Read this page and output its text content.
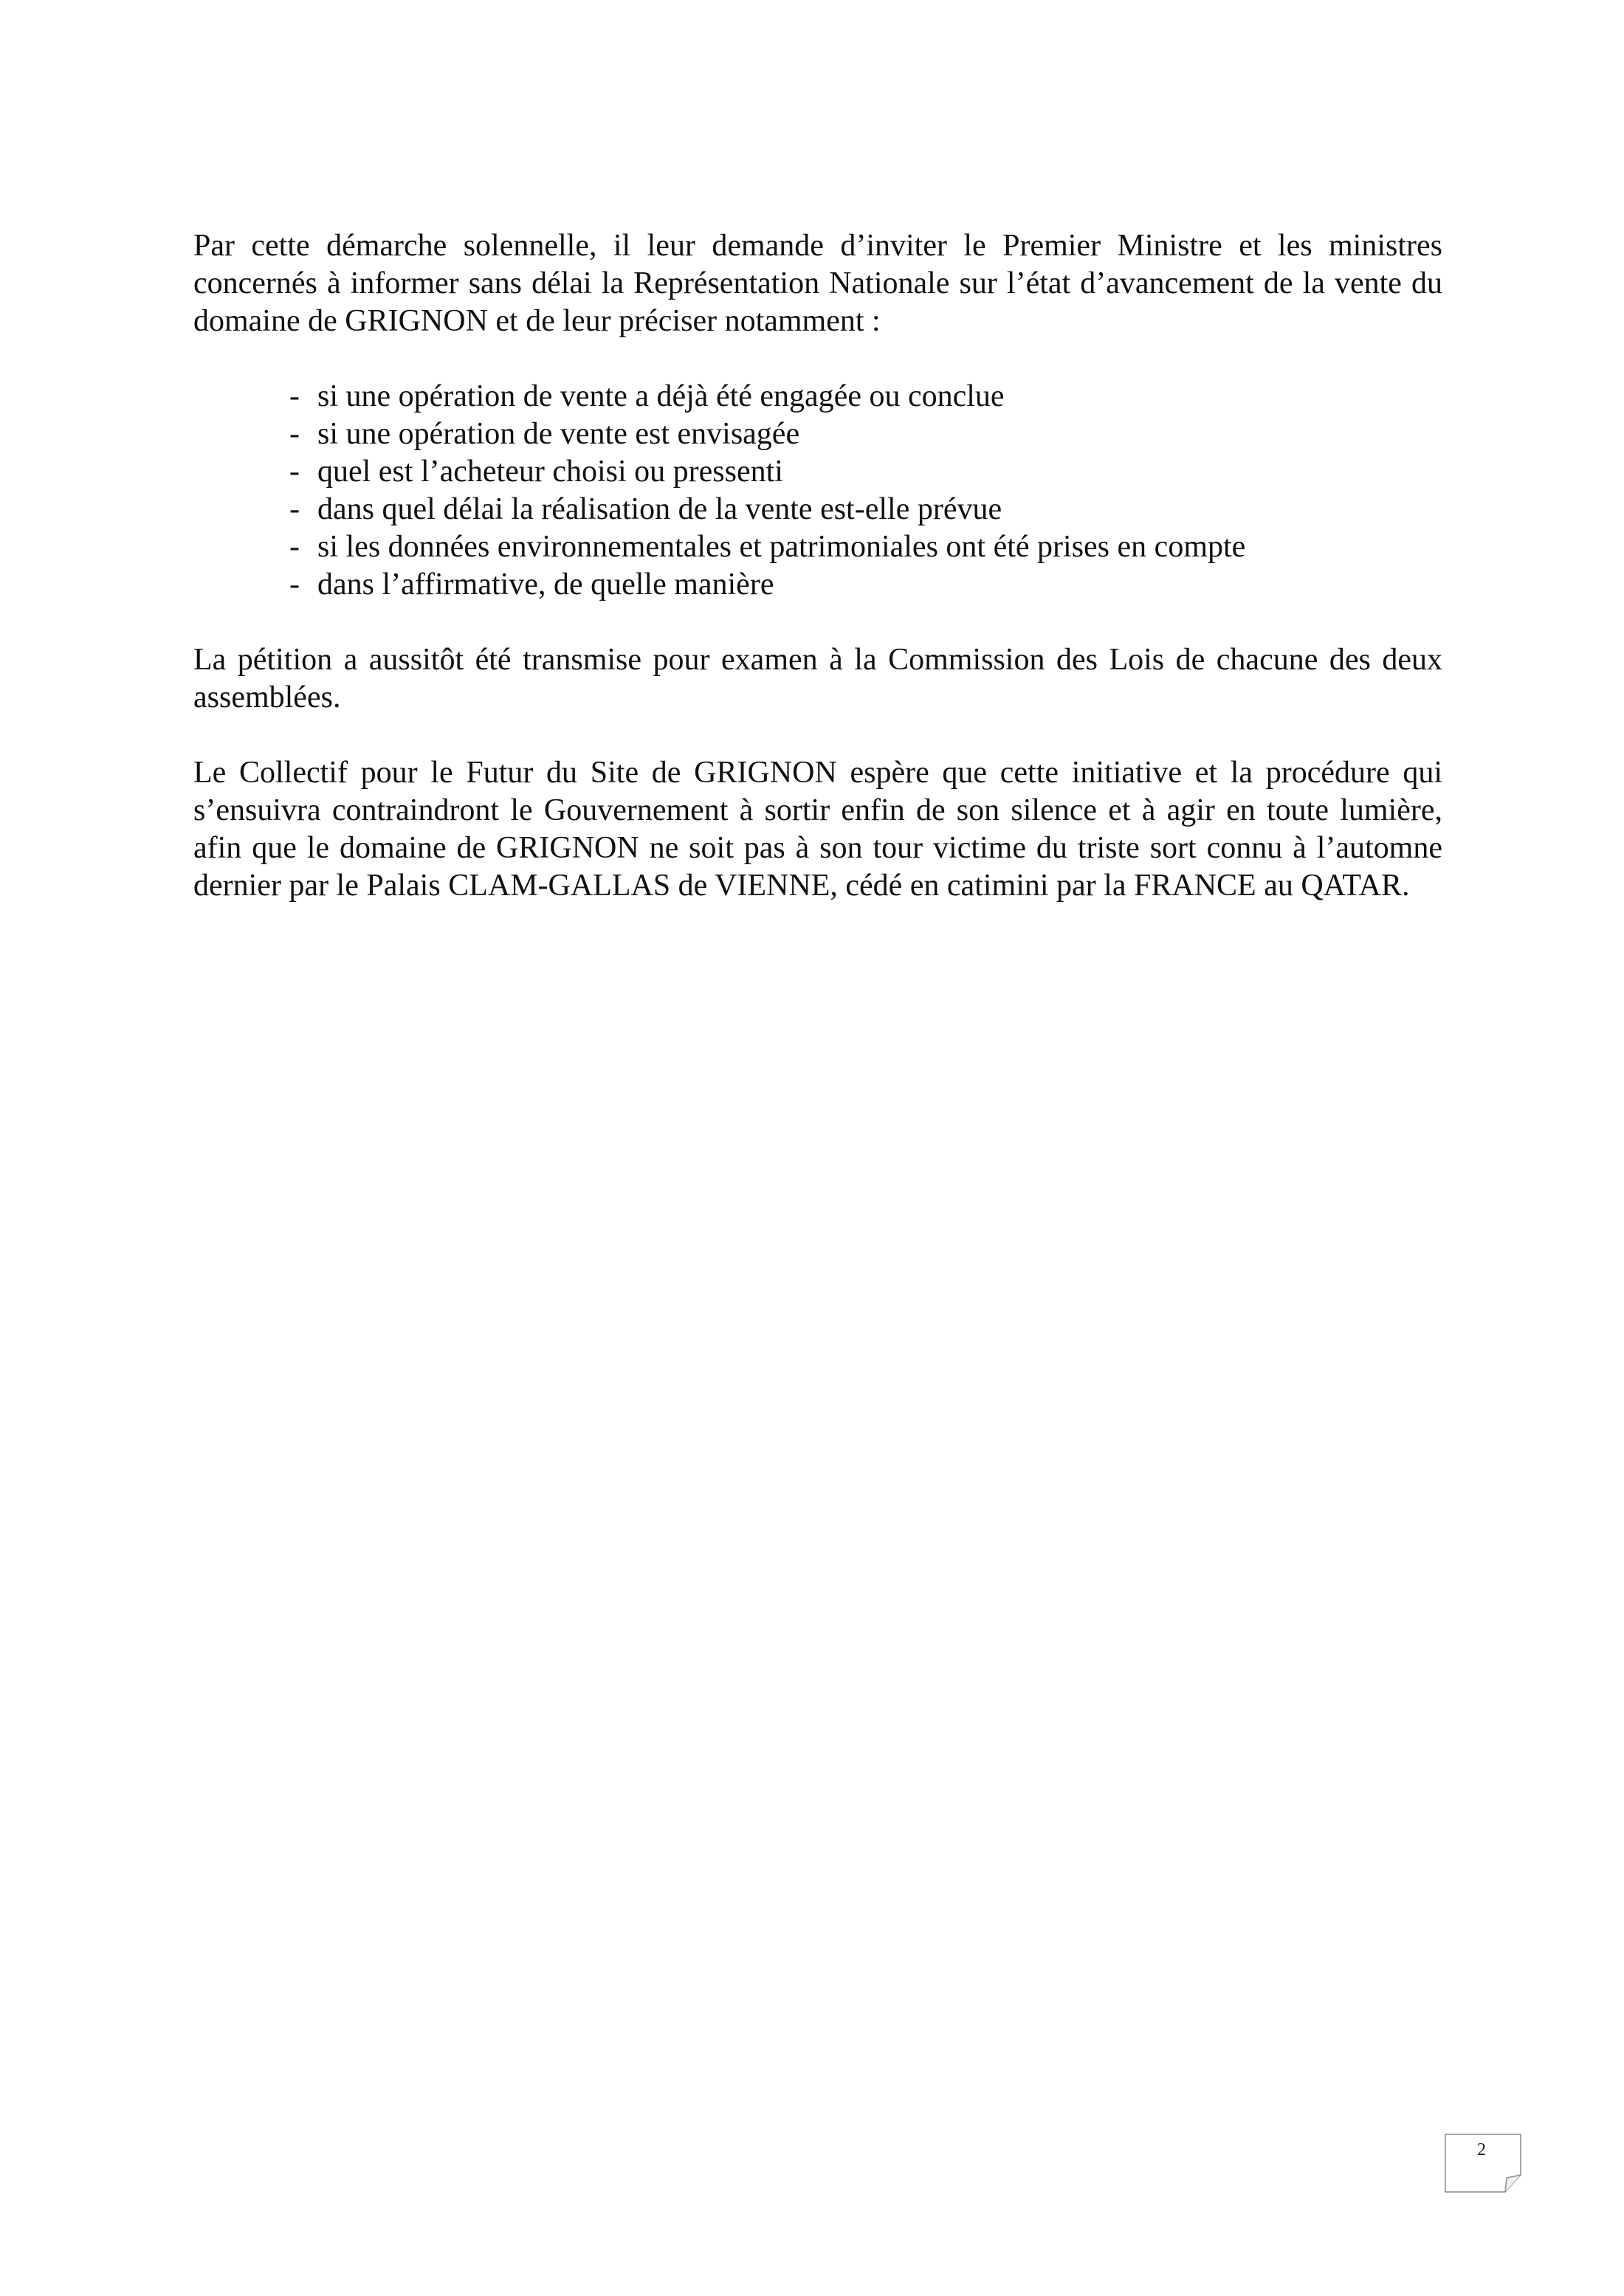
Par cette démarche solennelle, il leur demande d’inviter le Premier Ministre et les ministres concernés à informer sans délai la Représentation Nationale sur l’état d’avancement de la vente du domaine de GRIGNON et de leur préciser notamment :

- si une opération de vente a déjà été engagée ou conclue
- si une opération de vente est envisagée
- quel est l’acheteur choisi ou pressenti
- dans quel délai la réalisation de la vente est-elle prévue
- si les données environnementales et patrimoniales ont été prises en compte
- dans l’affirmative, de quelle manière

La pétition a aussitôt été transmise pour examen à la Commission des Lois de chacune des deux assemblées.

Le Collectif pour le Futur du Site de GRIGNON espère que cette initiative et la procédure qui s’ensuivra contraindront le Gouvernement à sortir enfin de son silence et à agir en toute lumière, afin que le domaine de GRIGNON ne soit pas à son tour victime du triste sort connu à l’automne dernier par le Palais CLAM-GALLAS de VIENNE, cédé en catimini par la FRANCE au QATAR.

2
